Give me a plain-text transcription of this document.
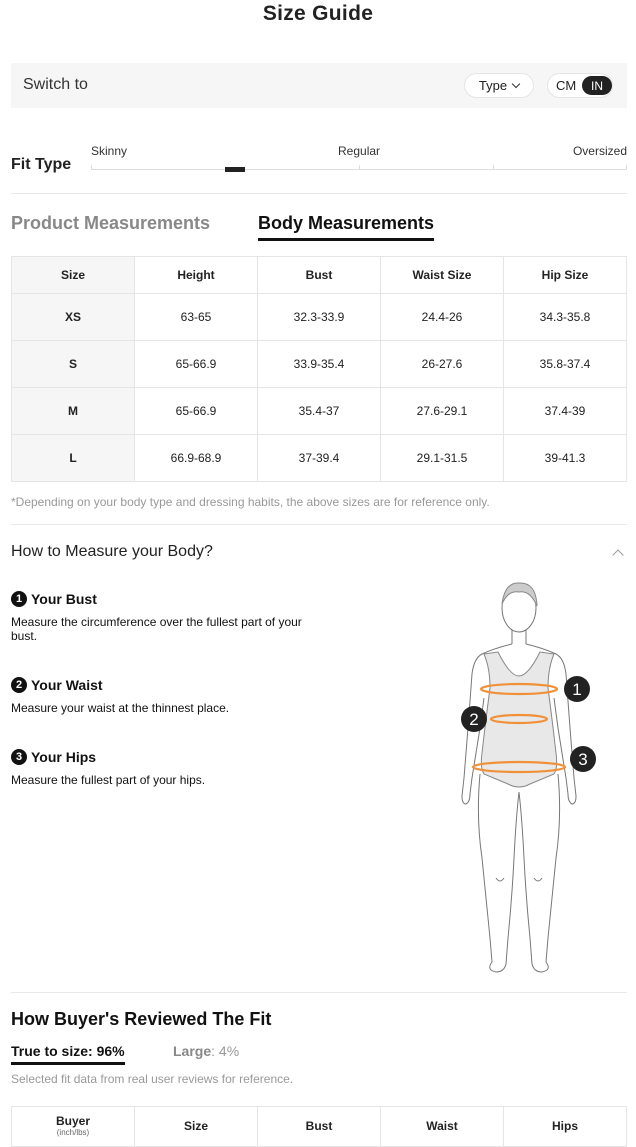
Size Guide
Switch to	Type	CM	IN
Fit Type
Skinny	Regular	Oversized
Product Measurements	Body Measurements
Size	Height	Bust	Waist Size	Hip Size
XS	63-65	32.3-33.9	24.4-26	34.3-35.8
S	65-66.9	33.9-35.4	26-27.6	35.8-37.4
M	65-66.9	35.4-37	27.6-29.1	37.4-39
L	66.9-68.9	37-39.4	29.1-31.5	39-41.3
*Depending on your body type and dressing habits, the above sizes are for reference only.
How to Measure your Body?
1 Your Bust
Measure the circumference over the fullest part of your bust.
2 Your Waist
Measure your waist at the thinnest place.
3 Your Hips
Measure the fullest part of your hips.
1
2
3
How Buyer's Reviewed The Fit
True to size: 96%	Large: 4%
Selected fit data from real user reviews for reference.
Buyer
(inch/lbs)	Size	Bust	Waist	Hips
